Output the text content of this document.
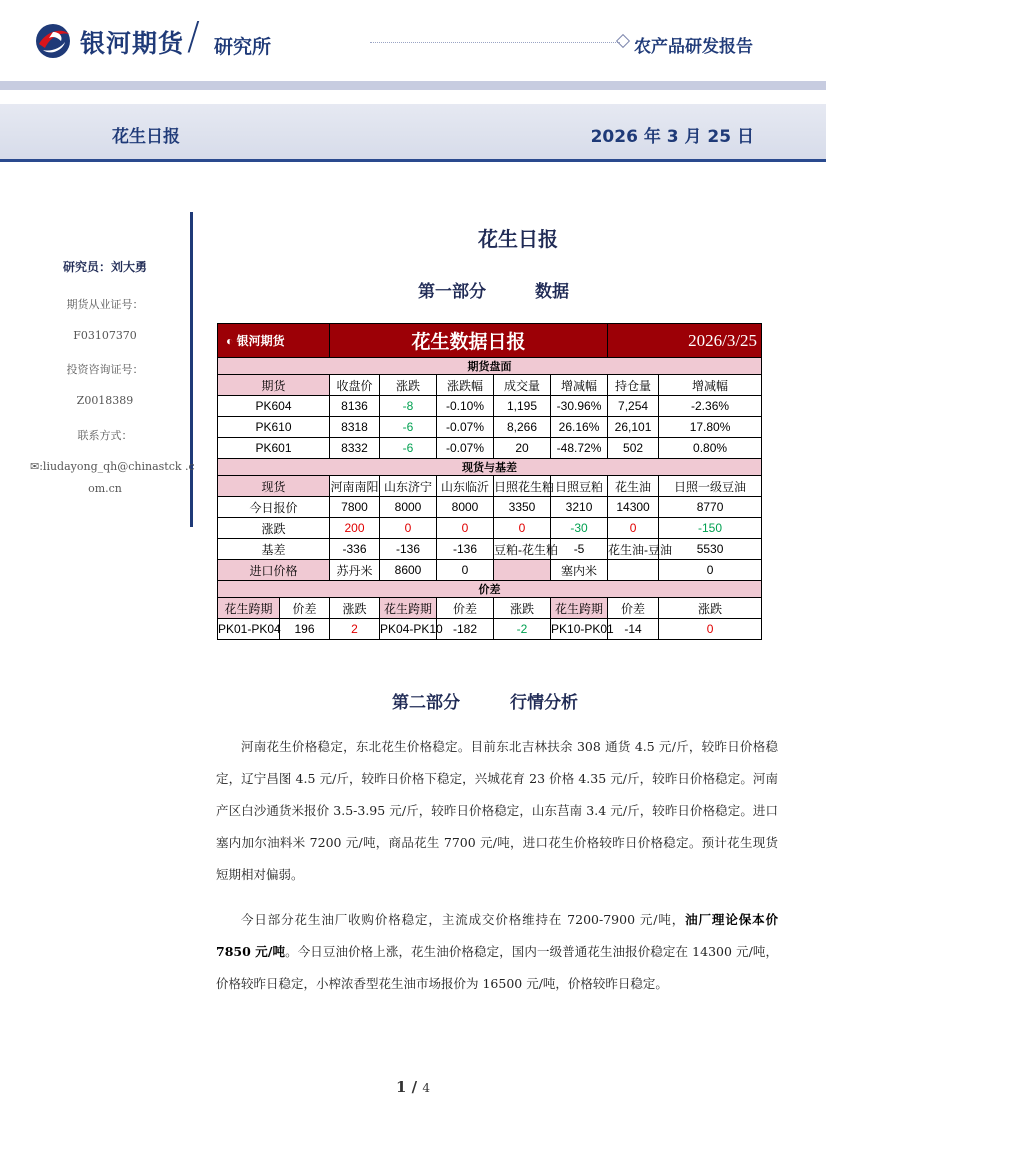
银河期货 / 研究所	农产品研发报告
花生日报	2026 年 3 月 25 日
研究员：刘大勇
期货从业证号：
F03107370
投资咨询证号：
Z0018389
联系方式：
✉:liudayong_qh@chinastck .c
om.cn
花生日报
第一部分	数据
◐ 银河期货		花生数据日报					2026/3/25	
期货盘面								
期货		收盘价	涨跌	涨跌幅	成交量	增减幅	持仓量	增减幅
PK604		8136	-8	-0.10%	1,195	-30.96%	7,254	-2.36%
PK610		8318	-6	-0.07%	8,266	26.16%	26,101	17.80%
PK601		8332	-6	-0.07%	20	-48.72%	502	0.80%
现货与基差								
现货		河南南阳	山东济宁	山东临沂	日照花生粕	日照豆粕	花生油	日照一级豆油
今日报价		7800	8000	8000	3350	3210	14300	8770
涨跌		200	0	0	0	-30	0	-150
基差		-336	-136	-136	豆粕-花生粕	-5	花生油-豆油	5530
进口价格		苏丹米	8600	0		塞内米		0
价差								
花生跨期	价差	涨跌	花生跨期	价差	涨跌	花生跨期	价差	涨跌
PK01-PK04	196	2	PK04-PK10	-182	-2	PK10-PK01	-14	0
第二部分	行情分析
河南花生价格稳定，东北花生价格稳定。目前东北吉林扶余 308 通货 4.5 元/斤，较昨日价格稳定，辽宁昌图 4.5 元/斤，较昨日价格下稳定，兴城花育 23 价格 4.35 元/斤，较昨日价格稳定。河南产区白沙通货米报价 3.5-3.95 元/斤，较昨日价格稳定，山东莒南 3.4 元/斤，较昨日价格稳定。进口塞内加尔油料米 7200 元/吨，商品花生 7700 元/吨，进口花生价格较昨日价格稳定。预计花生现货短期相对偏弱。
今日部分花生油厂收购价格稳定，主流成交价格维持在 7200-7900 元/吨，油厂理论保本价 7850 元/吨。今日豆油价格上涨，花生油价格稳定，国内一级普通花生油报价稳定在 14300 元/吨，价格较昨日稳定，小榨浓香型花生油市场报价为 16500 元/吨，价格较昨日稳定。
1 / 4
